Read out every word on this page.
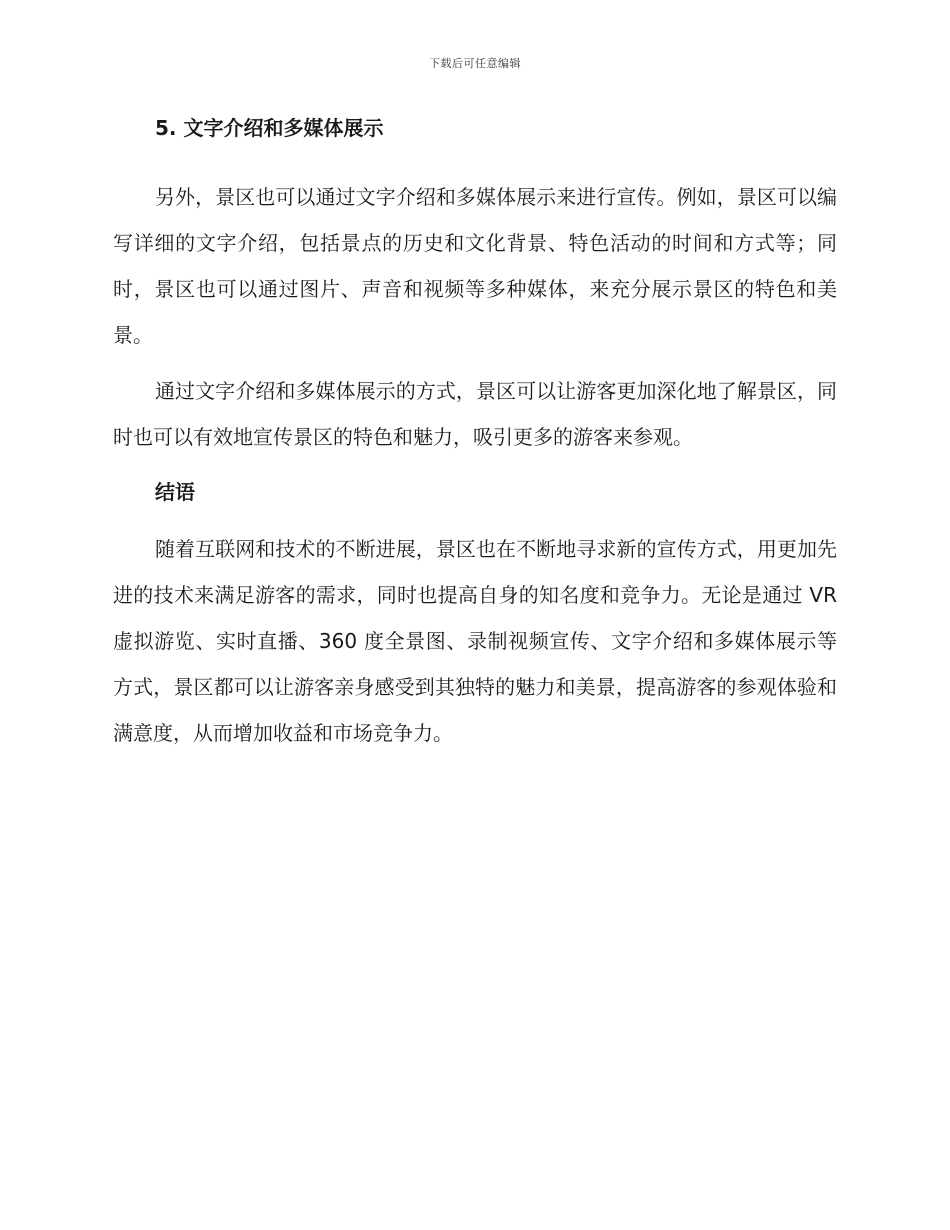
下载后可任意编辑
5. 文字介绍和多媒体展示

另外，景区也可以通过文字介绍和多媒体展示来进行宣传。例如，景区可以编写详细的文字介绍，包括景点的历史和文化背景、特色活动的时间和方式等；同时，景区也可以通过图片、声音和视频等多种媒体，来充分展示景区的特色和美景。

通过文字介绍和多媒体展示的方式，景区可以让游客更加深化地了解景区，同时也可以有效地宣传景区的特色和魅力，吸引更多的游客来参观。

结语

随着互联网和技术的不断进展，景区也在不断地寻求新的宣传方式，用更加先进的技术来满足游客的需求，同时也提高自身的知名度和竞争力。无论是通过 VR 虚拟游览、实时直播、360 度全景图、录制视频宣传、文字介绍和多媒体展示等方式，景区都可以让游客亲身感受到其独特的魅力和美景，提高游客的参观体验和满意度，从而增加收益和市场竞争力。
